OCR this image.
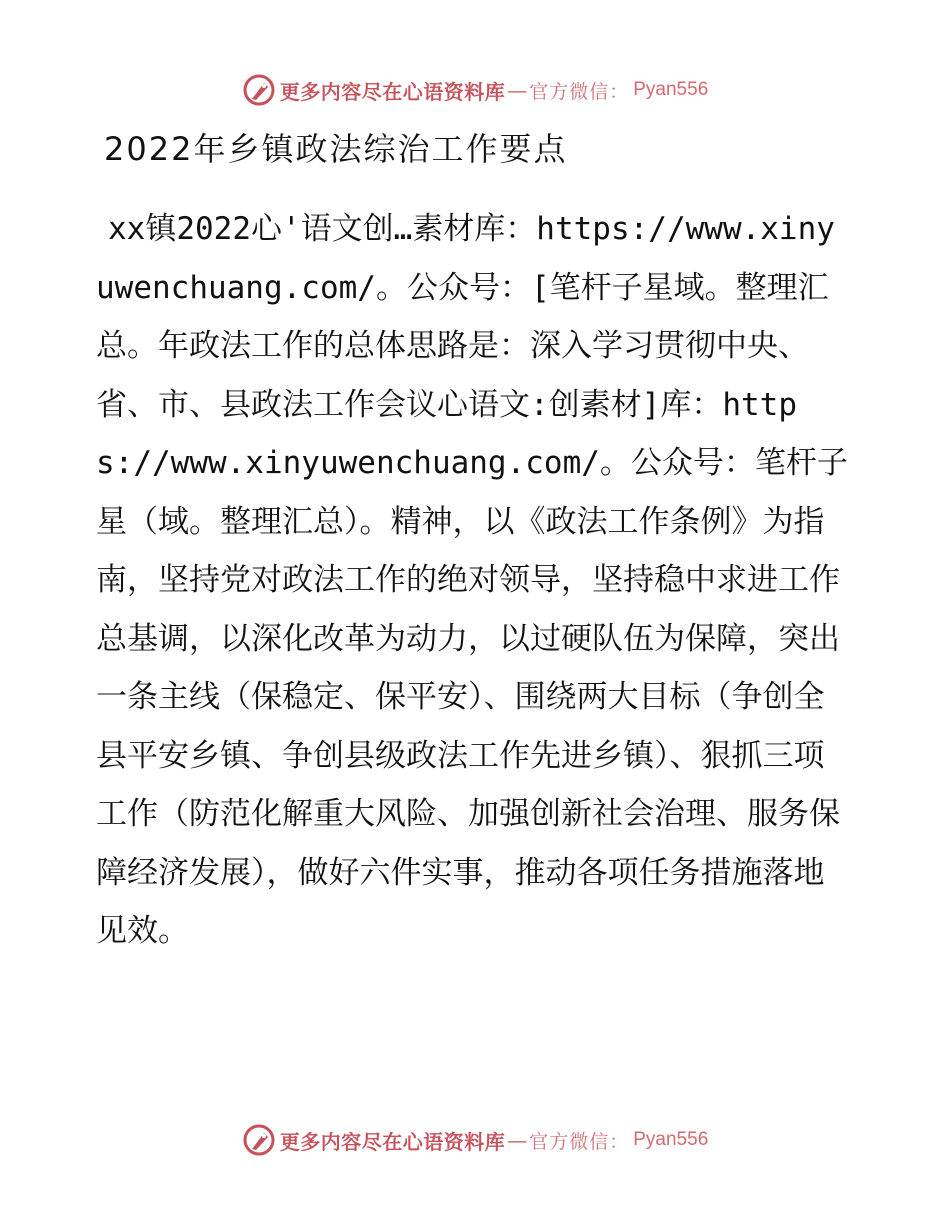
更多内容尽在心语资料库 — 官方微信： Pyan556
2022年乡镇政法综治工作要点

xx镇2022心'语文创…素材库：https://www.xinyuwenchuang.com/。公众号：[笔杆子星域。整理汇总。年政法工作的总体思路是：深入学习贯彻中央、省、市、县政法工作会议心语文:创素材]库：https://www.xinyuwenchuang.com/。公众号：笔杆子星（域。整理汇总）。精神，以《政法工作条例》为指南，坚持党对政法工作的绝对领导，坚持稳中求进工作总基调，以深化改革为动力，以过硬队伍为保障，突出一条主线（保稳定、保平安）、围绕两大目标（争创全县平安乡镇、争创县级政法工作先进乡镇）、狠抓三项工作（防范化解重大风险、加强创新社会治理、服务保障经济发展），做好六件实事，推动各项任务措施落地见效。

更多内容尽在心语资料库 — 官方微信： Pyan556
